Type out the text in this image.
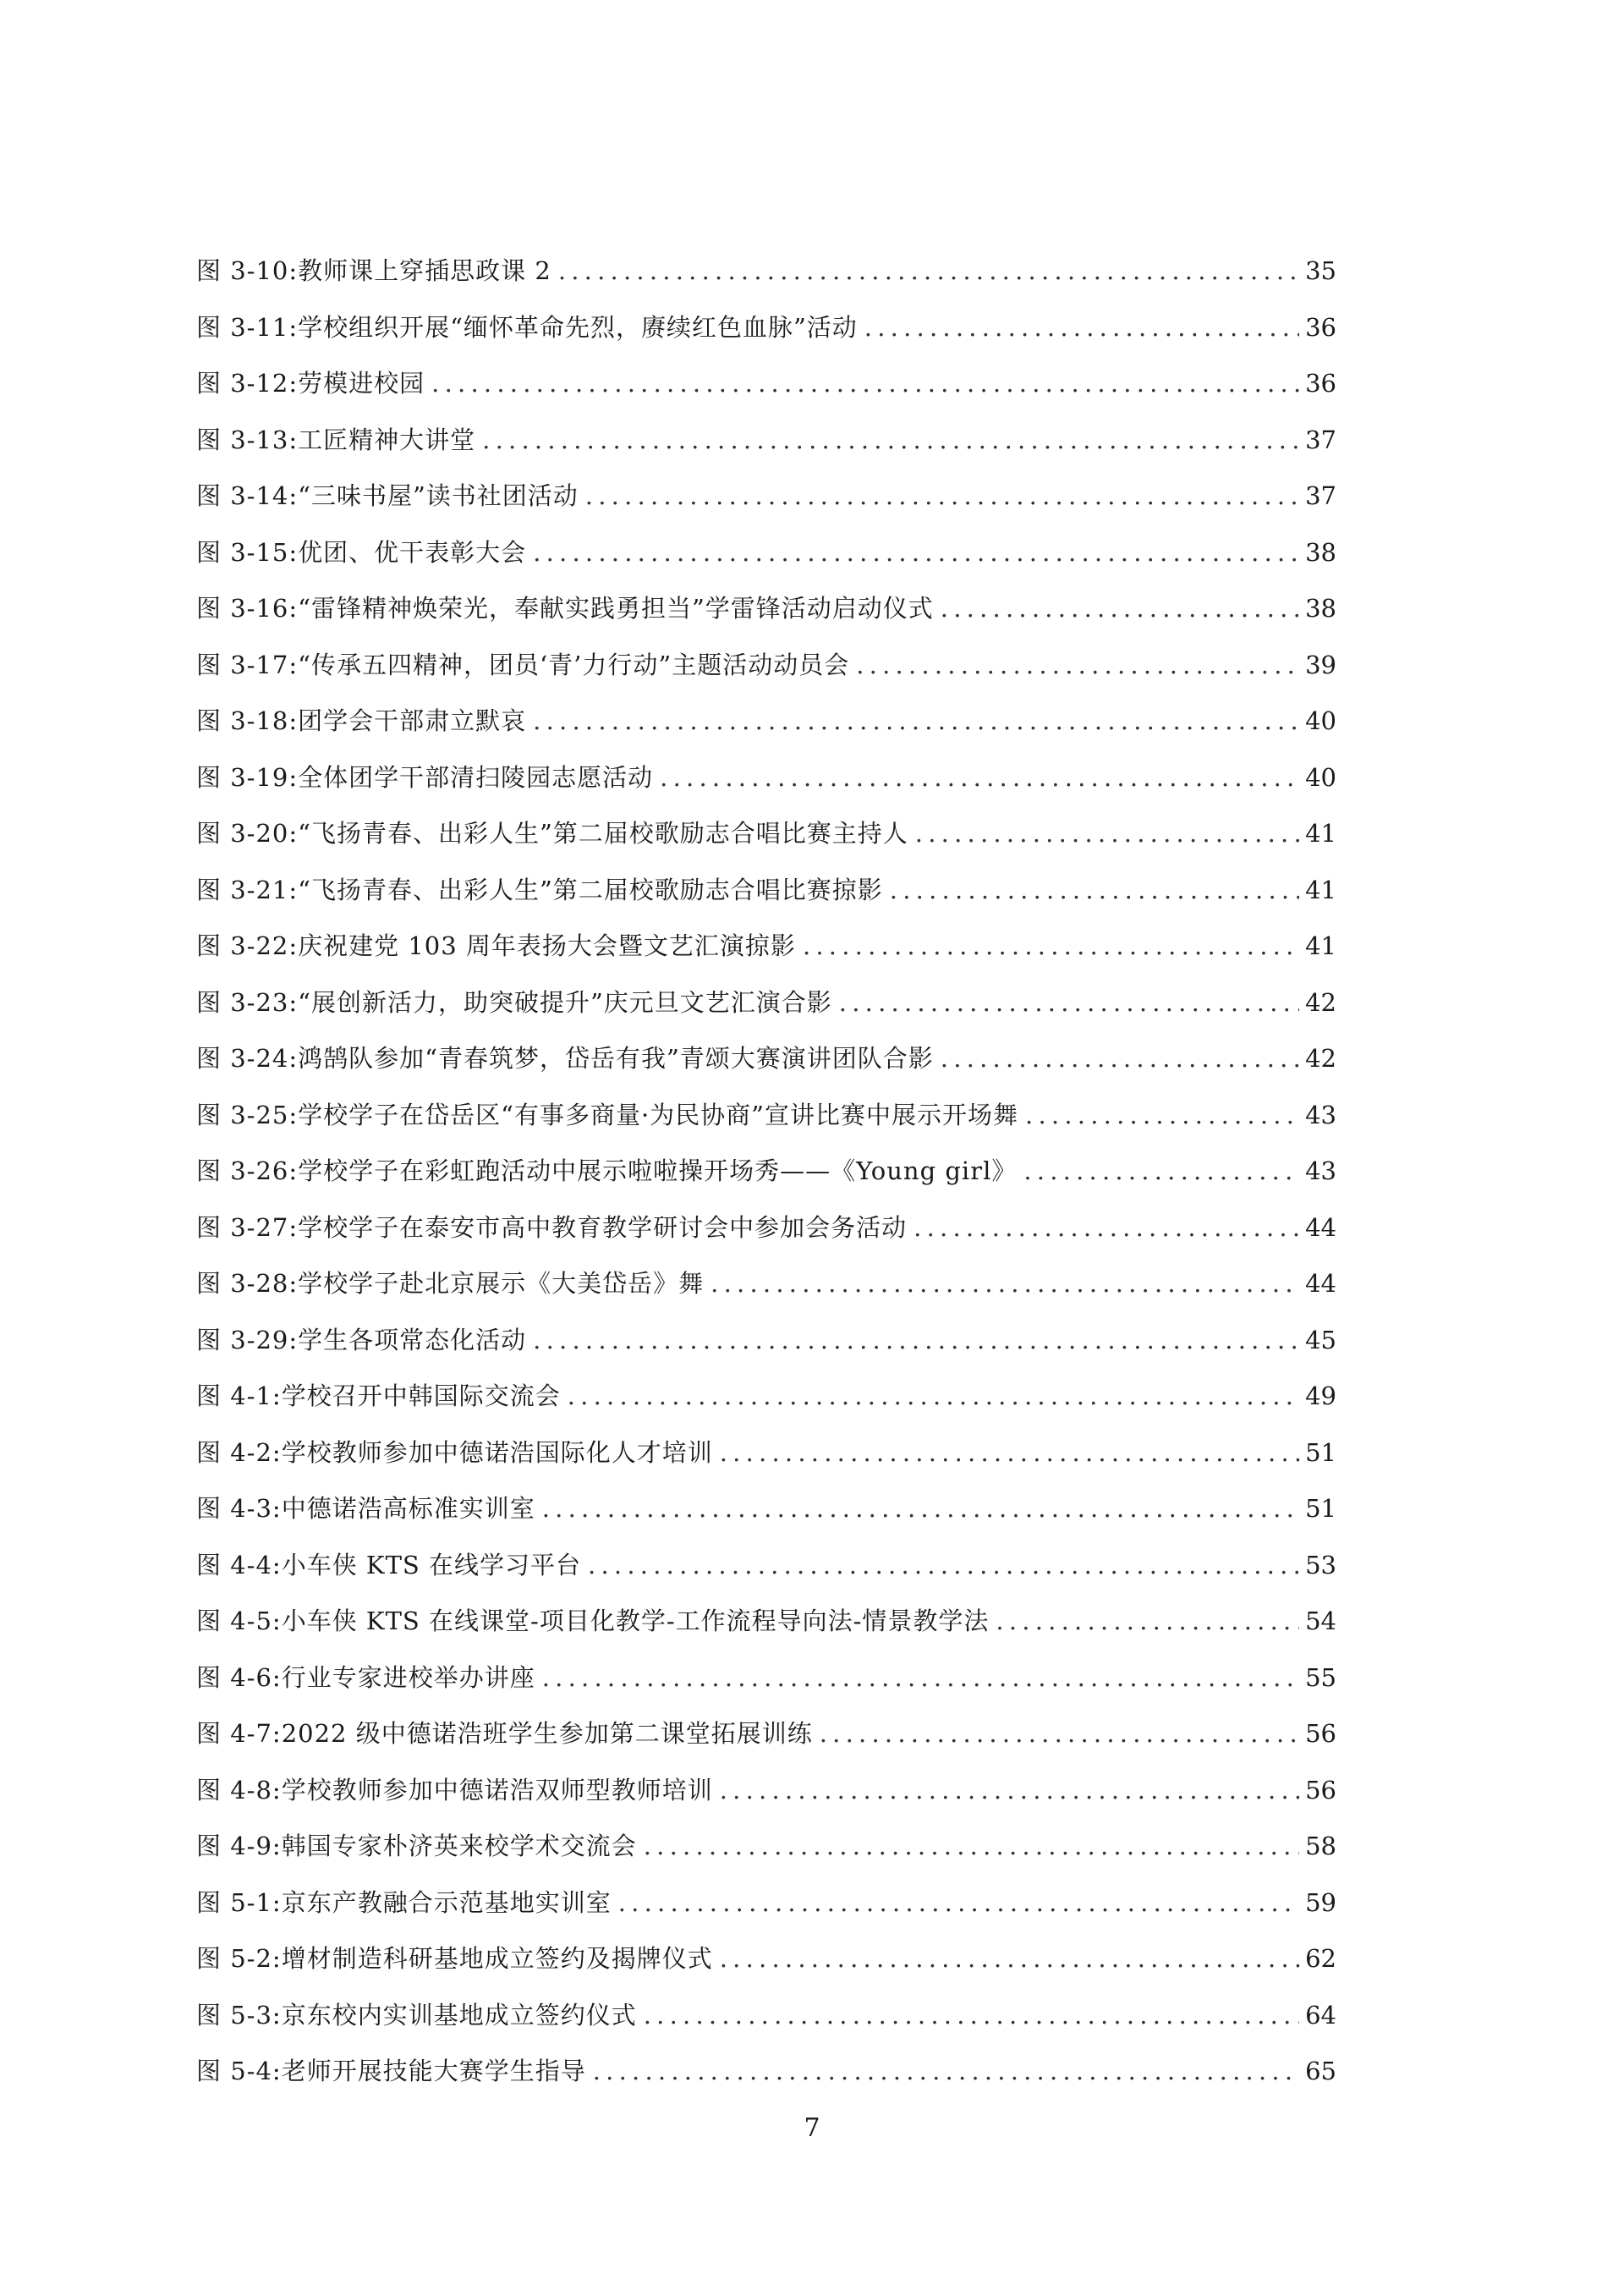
图 3-10: 教师课上穿插思政课 2 . . .	35
图 3-11: 学校组织开展“缅怀革命先烈，赓续红色血脉”活动 . . .	36
图 3-12: 劳模进校园 . . .	36
图 3-13: 工匠精神大讲堂 . . .	37
图 3-14: “三味书屋”读书社团活动 . . .	37
图 3-15: 优团、优干表彰大会 . . .	38
图 3-16: “雷锋精神焕荣光，奉献实践勇担当”学雷锋活动启动仪式 . . .	38
图 3-17: “传承五四精神，团员‘青’力行动”主题活动动员会 . . .	39
图 3-18: 团学会干部肃立默哀 . . .	40
图 3-19: 全体团学干部清扫陵园志愿活动 . . .	40
图 3-20: “飞扬青春、出彩人生”第二届校歌励志合唱比赛主持人 . . .	41
图 3-21: “飞扬青春、出彩人生”第二届校歌励志合唱比赛掠影 . . .	41
图 3-22: 庆祝建党 103 周年表扬大会暨文艺汇演掠影 . . .	41
图 3-23: “展创新活力，助突破提升”庆元旦文艺汇演合影 . . .	42
图 3-24: 鸿鹄队参加“青春筑梦，岱岳有我”青颂大赛演讲团队合影 . . .	42
图 3-25: 学校学子在岱岳区“有事多商量·为民协商”宣讲比赛中展示开场舞 . . .	43
图 3-26: 学校学子在彩虹跑活动中展示啦啦操开场秀——《Young girl》 . . .	43
图 3-27: 学校学子在泰安市高中教育教学研讨会中参加会务活动 . . .	44
图 3-28: 学校学子赴北京展示《大美岱岳》舞 . . .	44
图 3-29: 学生各项常态化活动 . . .	45
图 4-1: 学校召开中韩国际交流会 . . .	49
图 4-2: 学校教师参加中德诺浩国际化人才培训 . . .	51
图 4-3: 中德诺浩高标准实训室 . . .	51
图 4-4: 小车侠 KTS 在线学习平台 . . .	53
图 4-5: 小车侠 KTS 在线课堂-项目化教学-工作流程导向法-情景教学法 . . .	54
图 4-6: 行业专家进校举办讲座 . . .	55
图 4-7: 2022 级中德诺浩班学生参加第二课堂拓展训练 . . .	56
图 4-8: 学校教师参加中德诺浩双师型教师培训 . . .	56
图 4-9: 韩国专家朴济英来校学术交流会 . . .	58
图 5-1: 京东产教融合示范基地实训室 . . .	59
图 5-2: 增材制造科研基地成立签约及揭牌仪式 . . .	62
图 5-3: 京东校内实训基地成立签约仪式 . . .	64
图 5-4: 老师开展技能大赛学生指导 . . .	65
7
